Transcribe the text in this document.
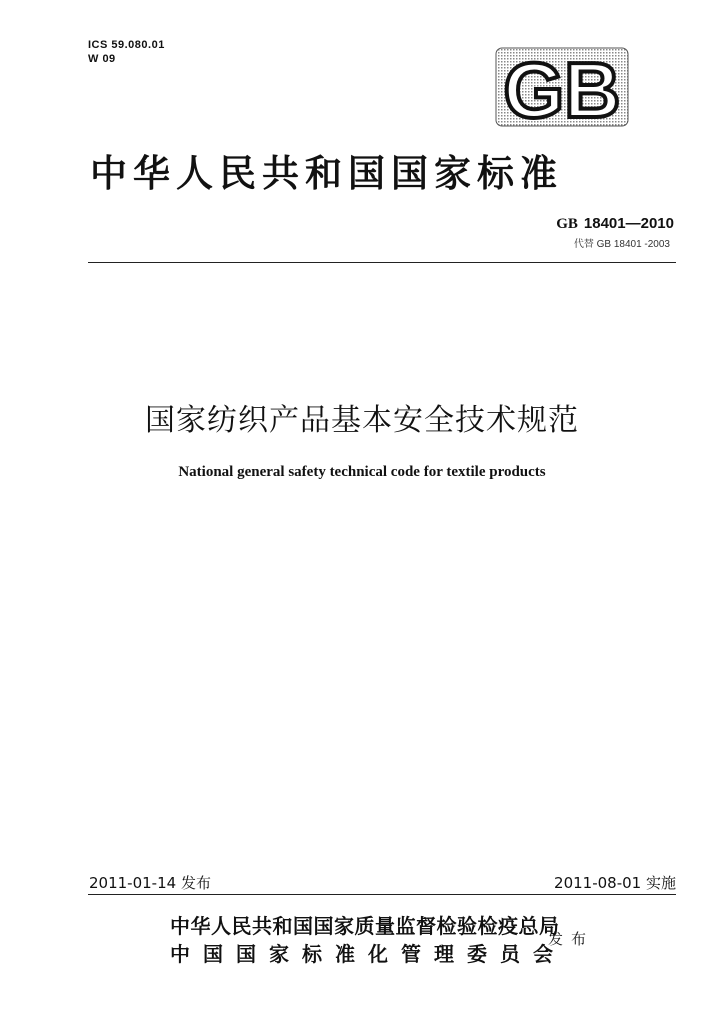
ICS 59.080.01
W 09	GB
中华人民共和国国家标准
GB 18401—2010
代替 GB 18401 -2003
国家纺织产品基本安全技术规范
National general safety technical code for textile products
2011-01-14 发布	2011-08-01 实施
中华人民共和国国家质量监督检验检疫总局
中国国家标准化管理委员会
发布
